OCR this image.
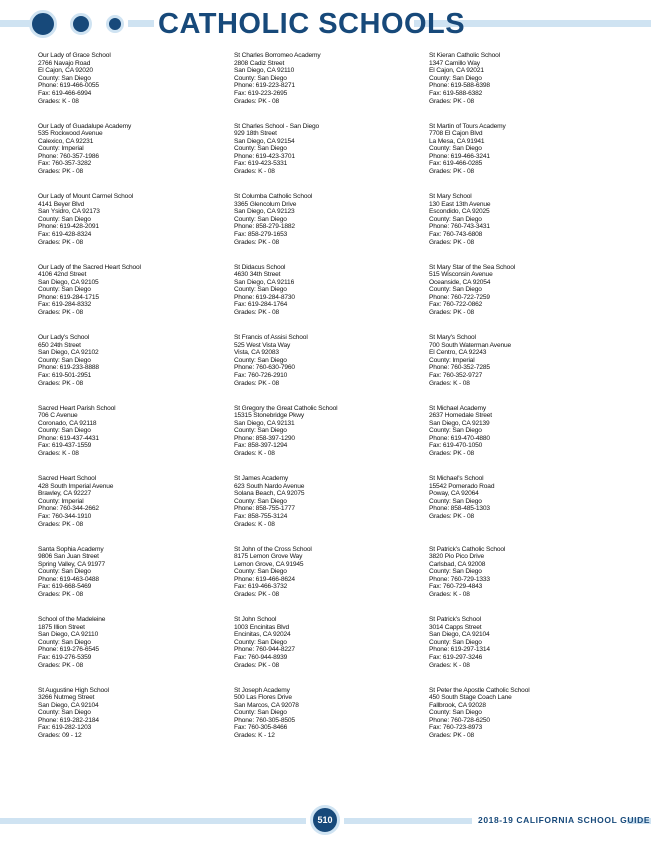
CATHOLIC SCHOOLS
Our Lady of Grace School
2766 Navajo Road
El Cajon, CA 92020
County: San Diego
Phone: 619-466-0055
Fax: 619-466-6994
Grades: K - 08
Our Lady of Guadalupe Academy
535 Rockwood Avenue
Calexico, CA 92231
County: Imperial
Phone: 760-357-1986
Fax: 760-357-3282
Grades: PK - 08
Our Lady of Mount Carmel School
4141 Beyer Blvd
San Ysidro, CA 92173
County: San Diego
Phone: 619-428-2091
Fax: 619-428-8324
Grades: PK - 08
Our Lady of the Sacred Heart School
4106 42nd Street
San Diego, CA 92105
County: San Diego
Phone: 619-284-1715
Fax: 619-284-8332
Grades: PK - 08
Our Lady's School
650 24th Street
San Diego, CA 92102
County: San Diego
Phone: 619-233-8888
Fax: 619-501-2951
Grades: PK - 08
Sacred Heart Parish School
706 C Avenue
Coronado, CA 92118
County: San Diego
Phone: 619-437-4431
Fax: 619-437-1559
Grades: K - 08
Sacred Heart School
428 South Imperial Avenue
Brawley, CA 92227
County: Imperial
Phone: 760-344-2662
Fax: 760-344-1910
Grades: PK - 08
Santa Sophia Academy
9806 San Juan Street
Spring Valley, CA 91977
County: San Diego
Phone: 619-463-0488
Fax: 619-668-5469
Grades: PK - 08
School of the Madeleine
1875 Illion Street
San Diego, CA 92110
County: San Diego
Phone: 619-276-6545
Fax: 619-276-5359
Grades: PK - 08
St Augustine High School
3266 Nutmeg Street
San Diego, CA 92104
County: San Diego
Phone: 619-282-2184
Fax: 619-282-1203
Grades: 09 - 12
St Charles Borromeo Academy
2808 Cadiz Street
San Diego, CA 92110
County: San Diego
Phone: 619-223-8271
Fax: 619-223-2695
Grades: PK - 08
St Charles School - San Diego
929 18th Street
San Diego, CA 92154
County: San Diego
Phone: 619-423-3701
Fax: 619-423-5331
Grades: K - 08
St Columba Catholic School
3365 Glencolum Drive
San Diego, CA 92123
County: San Diego
Phone: 858-279-1882
Fax: 858-279-1653
Grades: PK - 08
St Didacus School
4630 34th Street
San Diego, CA 92116
County: San Diego
Phone: 619-284-8730
Fax: 619-284-1764
Grades: PK - 08
St Francis of Assisi School
525 West Vista Way
Vista, CA 92083
County: San Diego
Phone: 760-630-7960
Fax: 760-726-2910
Grades: PK - 08
St Gregory the Great Catholic School
15315 Stonebridge Pkwy
San Diego, CA 92131
County: San Diego
Phone: 858-397-1290
Fax: 858-397-1294
Grades: K - 08
St James Academy
623 South Nardo Avenue
Solana Beach, CA 92075
County: San Diego
Phone: 858-755-1777
Fax: 858-755-3124
Grades: K - 08
St John of the Cross School
8175 Lemon Grove Way
Lemon Grove, CA 91945
County: San Diego
Phone: 619-466-8624
Fax: 619-466-3732
Grades: PK - 08
St John School
1003 Encinitas Blvd
Encinitas, CA 92024
County: San Diego
Phone: 760-944-8227
Fax: 760-944-8939
Grades: PK - 08
St Joseph Academy
500 Las Flores Drive
San Marcos, CA 92078
County: San Diego
Phone: 760-305-8505
Fax: 760-305-8466
Grades: K - 12
St Kieran Catholic School
1347 Camillo Way
El Cajon, CA 92021
County: San Diego
Phone: 619-588-6398
Fax: 619-588-6382
Grades: PK - 08
St Martin of Tours Academy
7708 El Cajon Blvd
La Mesa, CA 91941
County: San Diego
Phone: 619-466-3241
Fax: 619-466-0285
Grades: PK - 08
St Mary School
130 East 13th Avenue
Escondido, CA 92025
County: San Diego
Phone: 760-743-3431
Fax: 760-743-6808
Grades: PK - 08
St Mary Star of the Sea School
515 Wisconsin Avenue
Oceanside, CA 92054
County: San Diego
Phone: 760-722-7259
Fax: 760-722-0862
Grades: PK - 08
St Mary's School
700 South Waterman Avenue
El Centro, CA 92243
County: Imperial
Phone: 760-352-7285
Fax: 760-352-9727
Grades: K - 08
St Michael Academy
2637 Homedale Street
San Diego, CA 92139
County: San Diego
Phone: 619-470-4880
Fax: 619-470-1050
Grades: PK - 08
St Michael's School
15542 Pomerado Road
Poway, CA 92064
County: San Diego
Phone: 858-485-1303
Grades: PK - 08
St Patrick's Catholic School
3820 Pio Pico Drive
Carlsbad, CA 92008
County: San Diego
Phone: 760-729-1333
Fax: 760-729-4843
Grades: K - 08
St Patrick's School
3014 Capps Street
San Diego, CA 92104
County: San Diego
Phone: 619-297-1314
Fax: 619-297-3246
Grades: K - 08
St Peter the Apostle Catholic School
450 South Stage Coach Lane
Fallbrook, CA 92028
County: San Diego
Phone: 760-728-6250
Fax: 760-723-8973
Grades: PK - 08
510	2018-19 CALIFORNIA SCHOOL GUIDE
